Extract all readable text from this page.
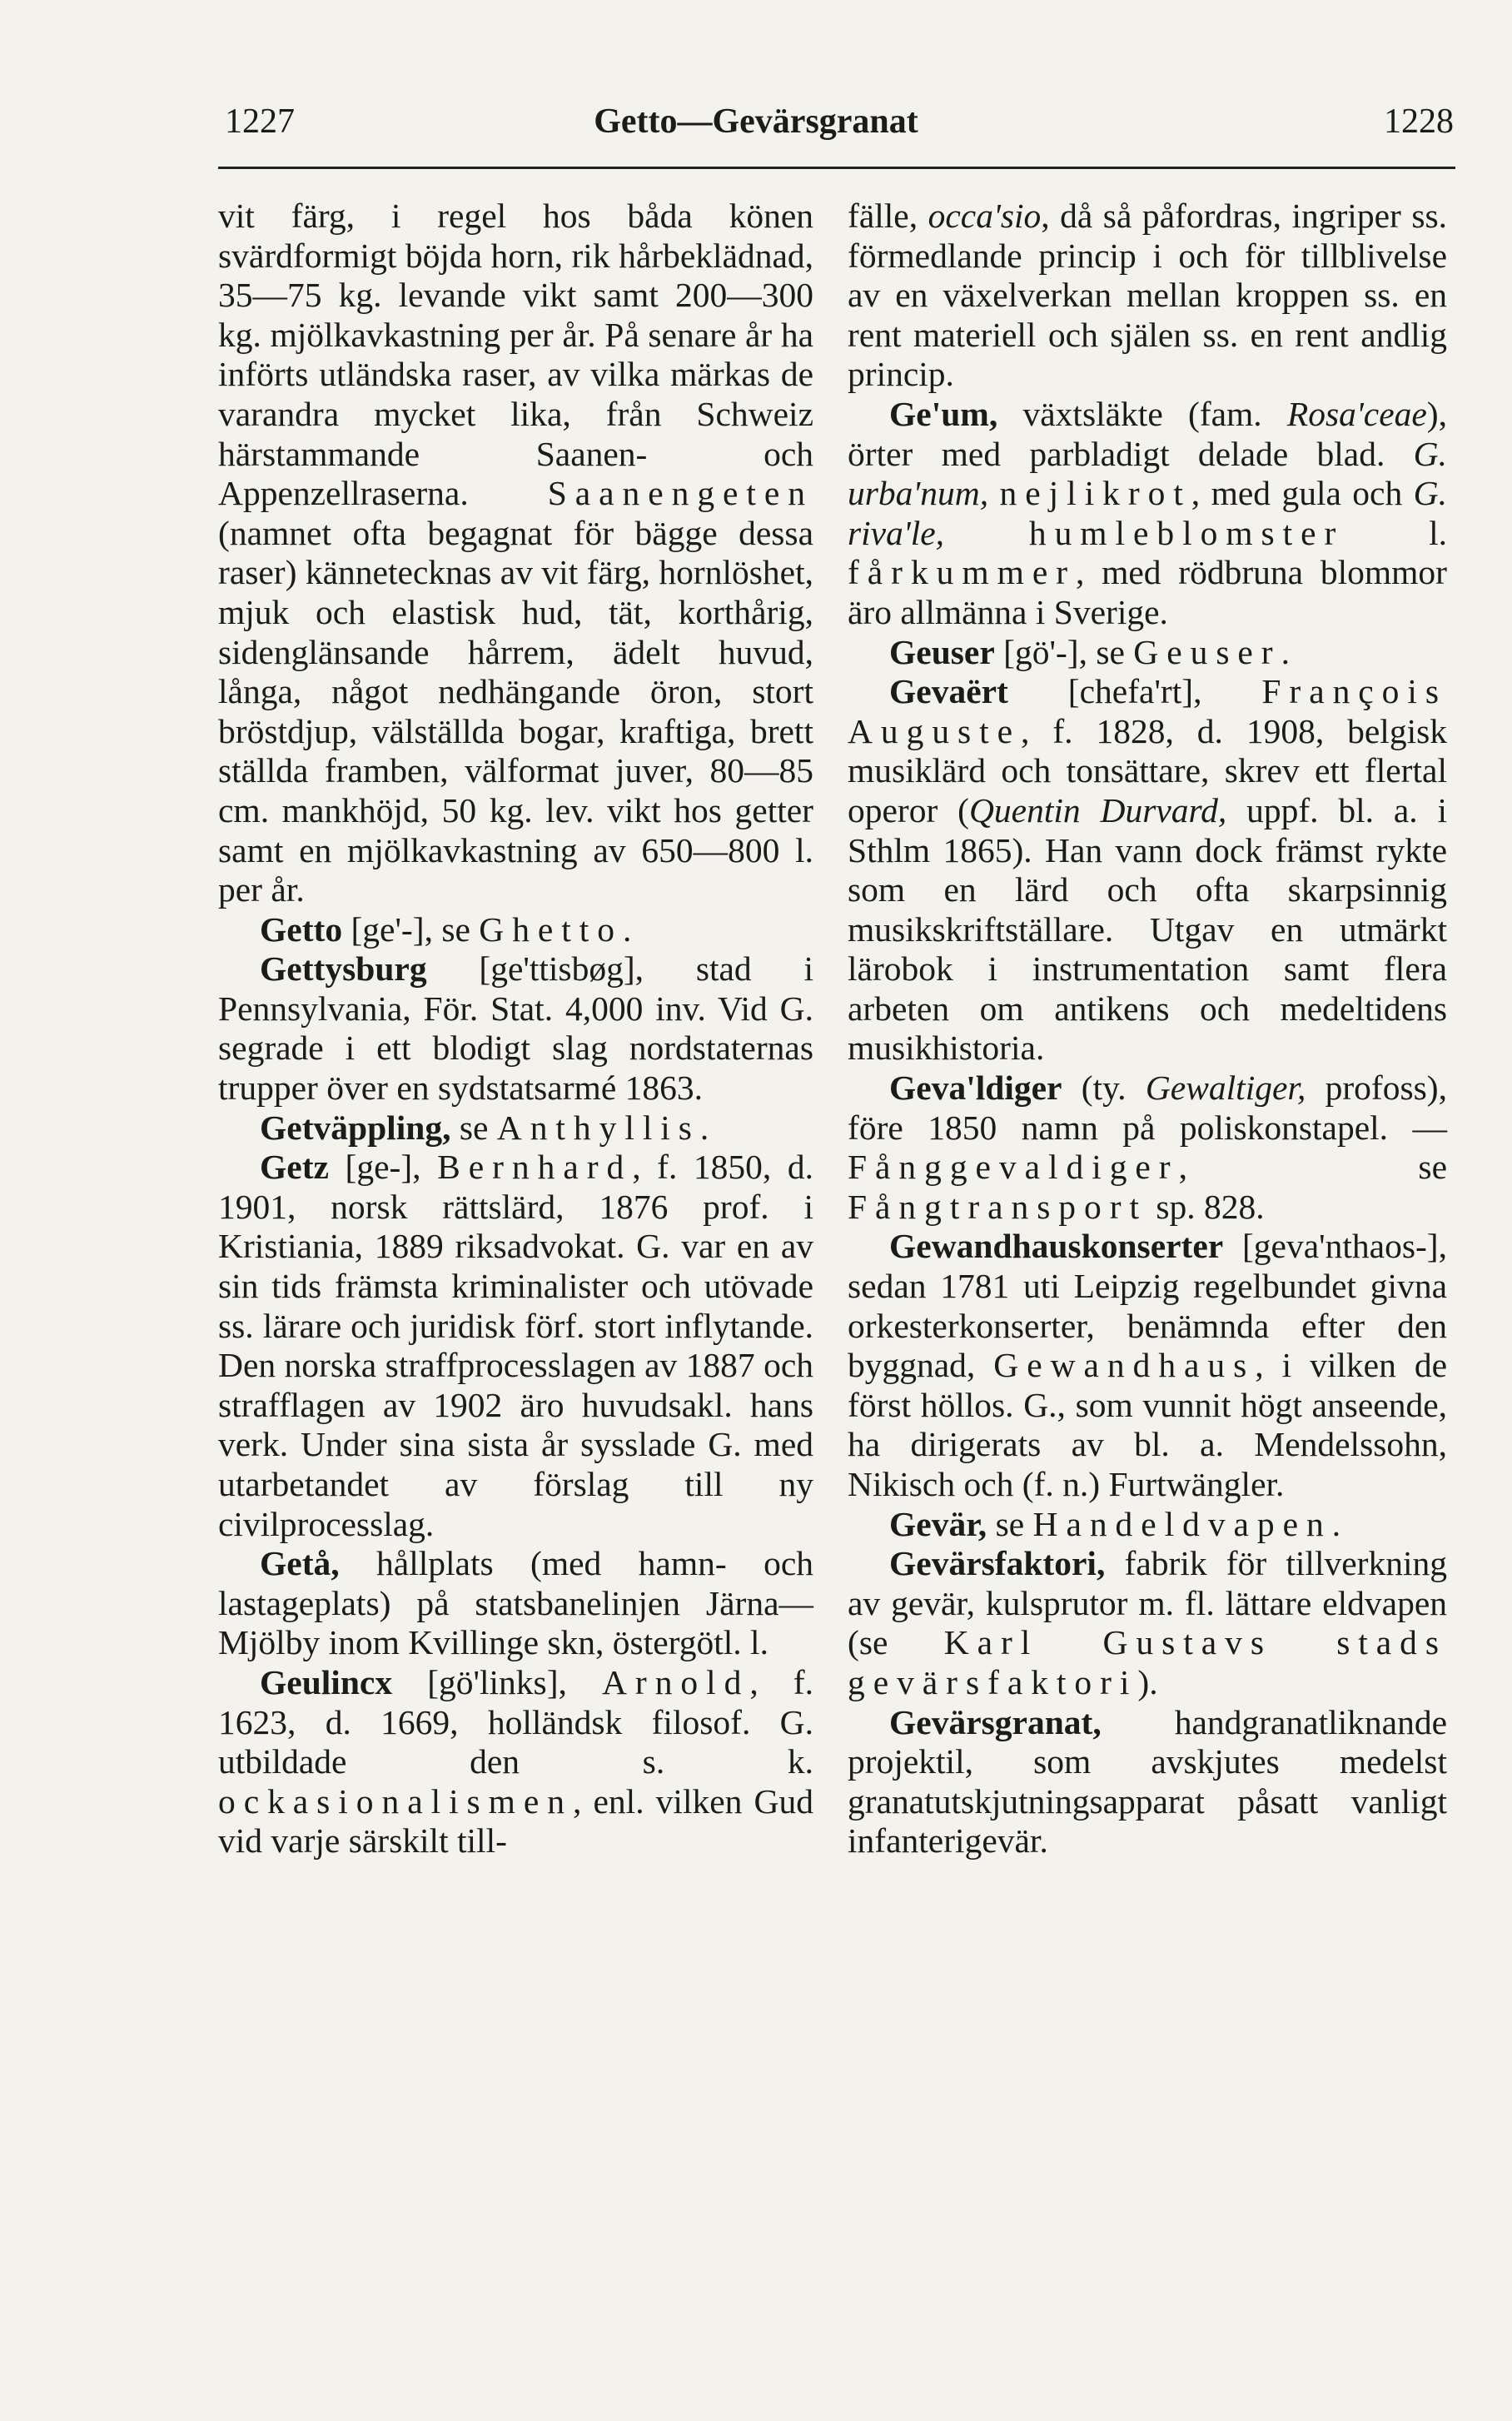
1227	Getto—Gevärsgranat	1228

vit färg, i regel hos båda könen svärdformigt böjda horn, rik hårbeklädnad, 35—75 kg. levande vikt samt 200—300 kg. mjölkavkastning per år. På senare år ha införts utländska raser, av vilka märkas de varandra mycket lika, från Schweiz härstammande Saanen- och Appenzellraserna. Saanengeten (namnet ofta begagnat för bägge dessa raser) kännetecknas av vit färg, hornlöshet, mjuk och elastisk hud, tät, korthårig, sidenglänsande hårrem, ädelt huvud, långa, något nedhängande öron, stort bröstdjup, välställda bogar, kraftiga, brett ställda framben, välformat juver, 80—85 cm. mankhöjd, 50 kg. lev. vikt hos getter samt en mjölkavkastning av 650—800 l. per år.

Getto [ge'-], se Ghetto.

Gettysburg [ge'ttisbøg], stad i Pennsylvania, För. Stat. 4,000 inv. Vid G. segrade i ett blodigt slag nordstaternas trupper över en sydstatsarmé 1863.

Getväppling, se Anthyllis.

Getz [ge-], Bernhard, f. 1850, d. 1901, norsk rättslärd, 1876 prof. i Kristiania, 1889 riksadvokat. G. var en av sin tids främsta kriminalister och utövade ss. lärare och juridisk förf. stort inflytande. Den norska straffprocesslagen av 1887 och strafflagen av 1902 äro huvudsakl. hans verk. Under sina sista år sysslade G. med utarbetandet av förslag till ny civilprocesslag.

Getå, hållplats (med hamn- och lastageplats) på statsbanelinjen Järna—Mjölby inom Kvillinge skn, östergötl. l.

Geulincx [gö'links], Arnold, f. 1623, d. 1669, holländsk filosof. G. utbildade den s. k. ockasionalismen, enl. vilken Gud vid varje särskilt till-

fälle, occa'sio, då så påfordras, ingriper ss. förmedlande princip i och för tillblivelse av en växelverkan mellan kroppen ss. en rent materiell och själen ss. en rent andlig princip.

Ge'um, växtsläkte (fam. Rosa'ceae), örter med parbladigt delade blad. G. urba'num, nejlikrot, med gula och G. riva'le, humleblomster l. fårkummer, med rödbruna blommor äro allmänna i Sverige.

Geuser [gö'-], se Geuser.

Gevaërt [chefa'rt], François Auguste, f. 1828, d. 1908, belgisk musiklärd och tonsättare, skrev ett flertal operor (Quentin Durvard, uppf. bl. a. i Sthlm 1865). Han vann dock främst rykte som en lärd och ofta skarpsinnig musikskriftställare. Utgav en utmärkt lärobok i instrumentation samt flera arbeten om antikens och medeltidens musikhistoria.

Geva'ldiger (ty. Gewaltiger, profoss), före 1850 namn på poliskonstapel. — Fånggevaldiger, se Fångtransport sp. 828.

Gewandhauskonserter [geva'nthaos-], sedan 1781 uti Leipzig regelbundet givna orkesterkonserter, benämnda efter den byggnad, Gewandhaus, i vilken de först höllos. G., som vunnit högt anseende, ha dirigerats av bl. a. Mendelssohn, Nikisch och (f. n.) Furtwängler.

Gevär, se Handeldvapen.

Gevärsfaktori, fabrik för tillverkning av gevär, kulsprutor m. fl. lättare eldvapen (se Karl Gustavs stads gevärsfaktori).

Gevärsgranat, handgranatliknande projektil, som avskjutes medelst granatutskjutningsapparat påsatt vanligt infanterigevär.
